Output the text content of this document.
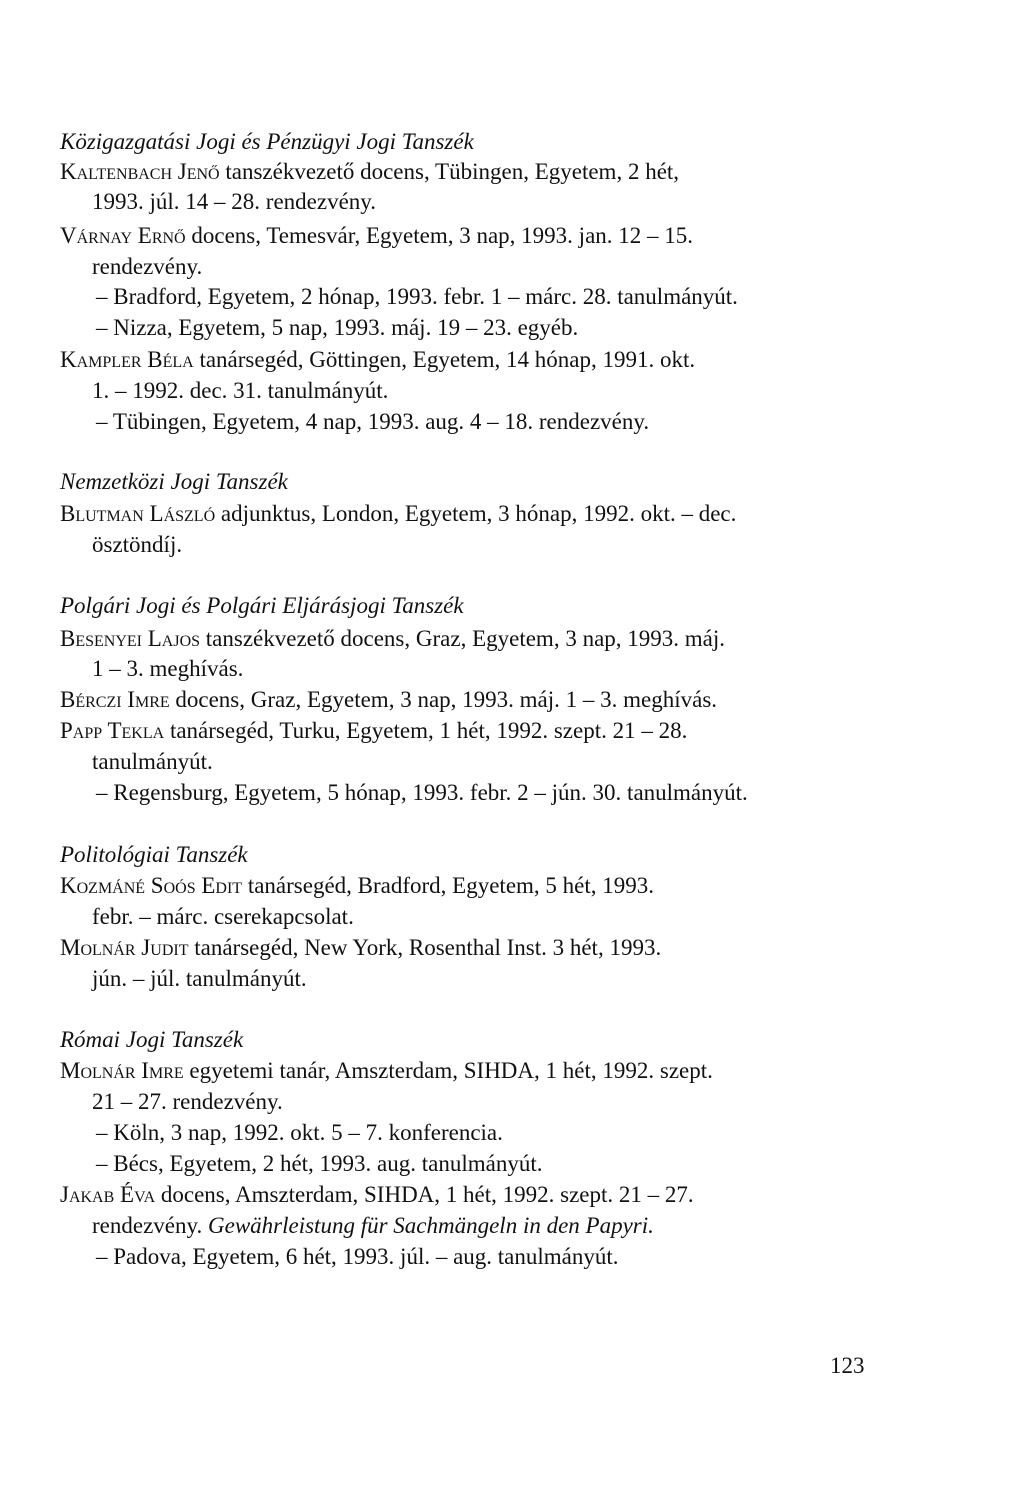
Közigazgatási Jogi és Pénzügyi Jogi Tanszék
Kaltenbach Jenő tanszékvezető docens, Tübingen, Egyetem, 2 hét,
1993. júl. 14 – 28. rendezvény.
Várnay Ernő docens, Temesvár, Egyetem, 3 nap, 1993. jan. 12 – 15.
rendezvény.
– Bradford, Egyetem, 2 hónap, 1993. febr. 1 – márc. 28. tanulmányút.
– Nizza, Egyetem, 5 nap, 1993. máj. 19 – 23. egyéb.
Kampler Béla tanársegéd, Göttingen, Egyetem, 14 hónap, 1991. okt.
1. – 1992. dec. 31. tanulmányút.
– Tübingen, Egyetem, 4 nap, 1993. aug. 4 – 18. rendezvény.
Nemzetközi Jogi Tanszék
Blutman László adjunktus, London, Egyetem, 3 hónap, 1992. okt. – dec.
ösztöndíj.
Polgári Jogi és Polgári Eljárásjogi Tanszék
Besenyei Lajos tanszékvezető docens, Graz, Egyetem, 3 nap, 1993. máj.
1 – 3. meghívás.
Bérczi Imre docens, Graz, Egyetem, 3 nap, 1993. máj. 1 – 3. meghívás.
Papp Tekla tanársegéd, Turku, Egyetem, 1 hét, 1992. szept. 21 – 28.
tanulmányút.
– Regensburg, Egyetem, 5 hónap, 1993. febr. 2 – jún. 30. tanulmányút.
Politológiai Tanszék
Kozmáné Soós Edit tanársegéd, Bradford, Egyetem, 5 hét, 1993.
febr. – márc. cserekapcsolat.
Molnár Judit tanársegéd, New York, Rosenthal Inst. 3 hét, 1993.
jún. – júl. tanulmányút.
Római Jogi Tanszék
Molnár Imre egyetemi tanár, Amszterdam, SIHDA, 1 hét, 1992. szept.
21 – 27. rendezvény.
– Köln, 3 nap, 1992. okt. 5 – 7. konferencia.
– Bécs, Egyetem, 2 hét, 1993. aug. tanulmányút.
Jakab Éva docens, Amszterdam, SIHDA, 1 hét, 1992. szept. 21 – 27.
rendezvény. Gewährleistung für Sachmängeln in den Papyri.
– Padova, Egyetem, 6 hét, 1993. júl. – aug. tanulmányút.
123
